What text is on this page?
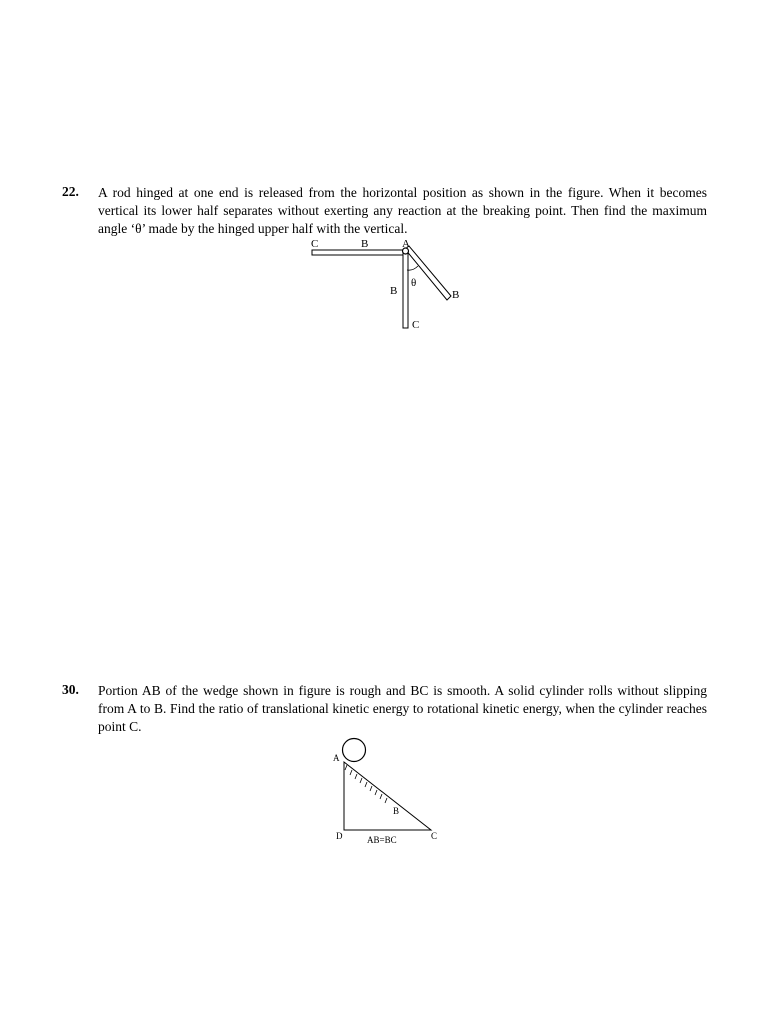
22. A rod hinged at one end is released from the horizontal position as shown in the figure. When it becomes vertical its lower half separates without exerting any reaction at the breaking point. Then find the maximum angle ‘θ’ made by the hinged upper half with the vertical.
C	B	A
θ
B
C
B
30. Portion AB of the wedge shown in figure is rough and BC is smooth. A solid cylinder rolls without slipping from A to B. Find the ratio of translational kinetic energy to rotational kinetic energy, when the cylinder reaches point C.
A
B
C
D	AB=BC
